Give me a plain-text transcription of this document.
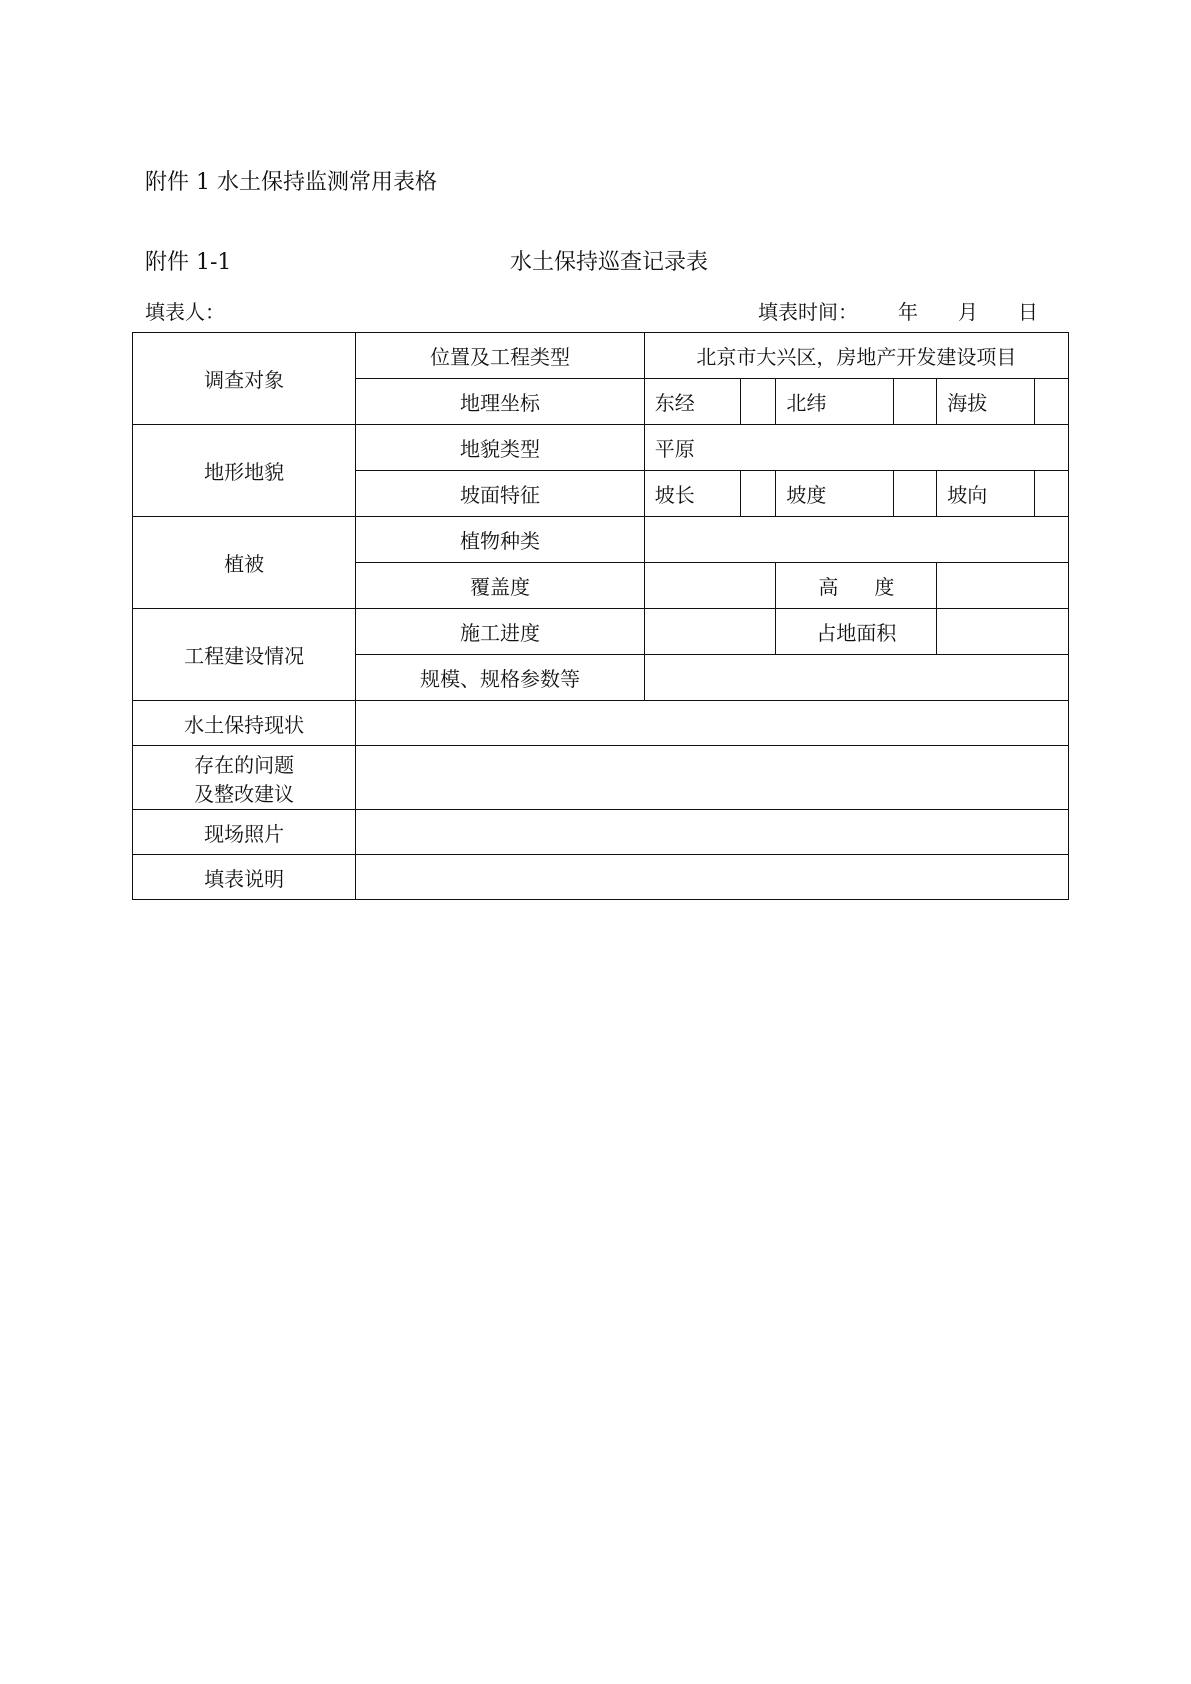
附件 1 水土保持监测常用表格
附件 1-1	水土保持巡查记录表
填表人：	填表时间： 年 月 日
调查对象	位置及工程类型	北京市大兴区，房地产开发建设项目					
	地理坐标	东经		北纬		海拔	
地形地貌	地貌类型	平原					
	坡面特征	坡长		坡度		坡向	
植被	植物种类						
	覆盖度			高 度			
工程建设情况	施工进度			占地面积			
	规模、规格参数等						
水土保持现状							
存在的问题
及整改建议							
现场照片							
填表说明							
